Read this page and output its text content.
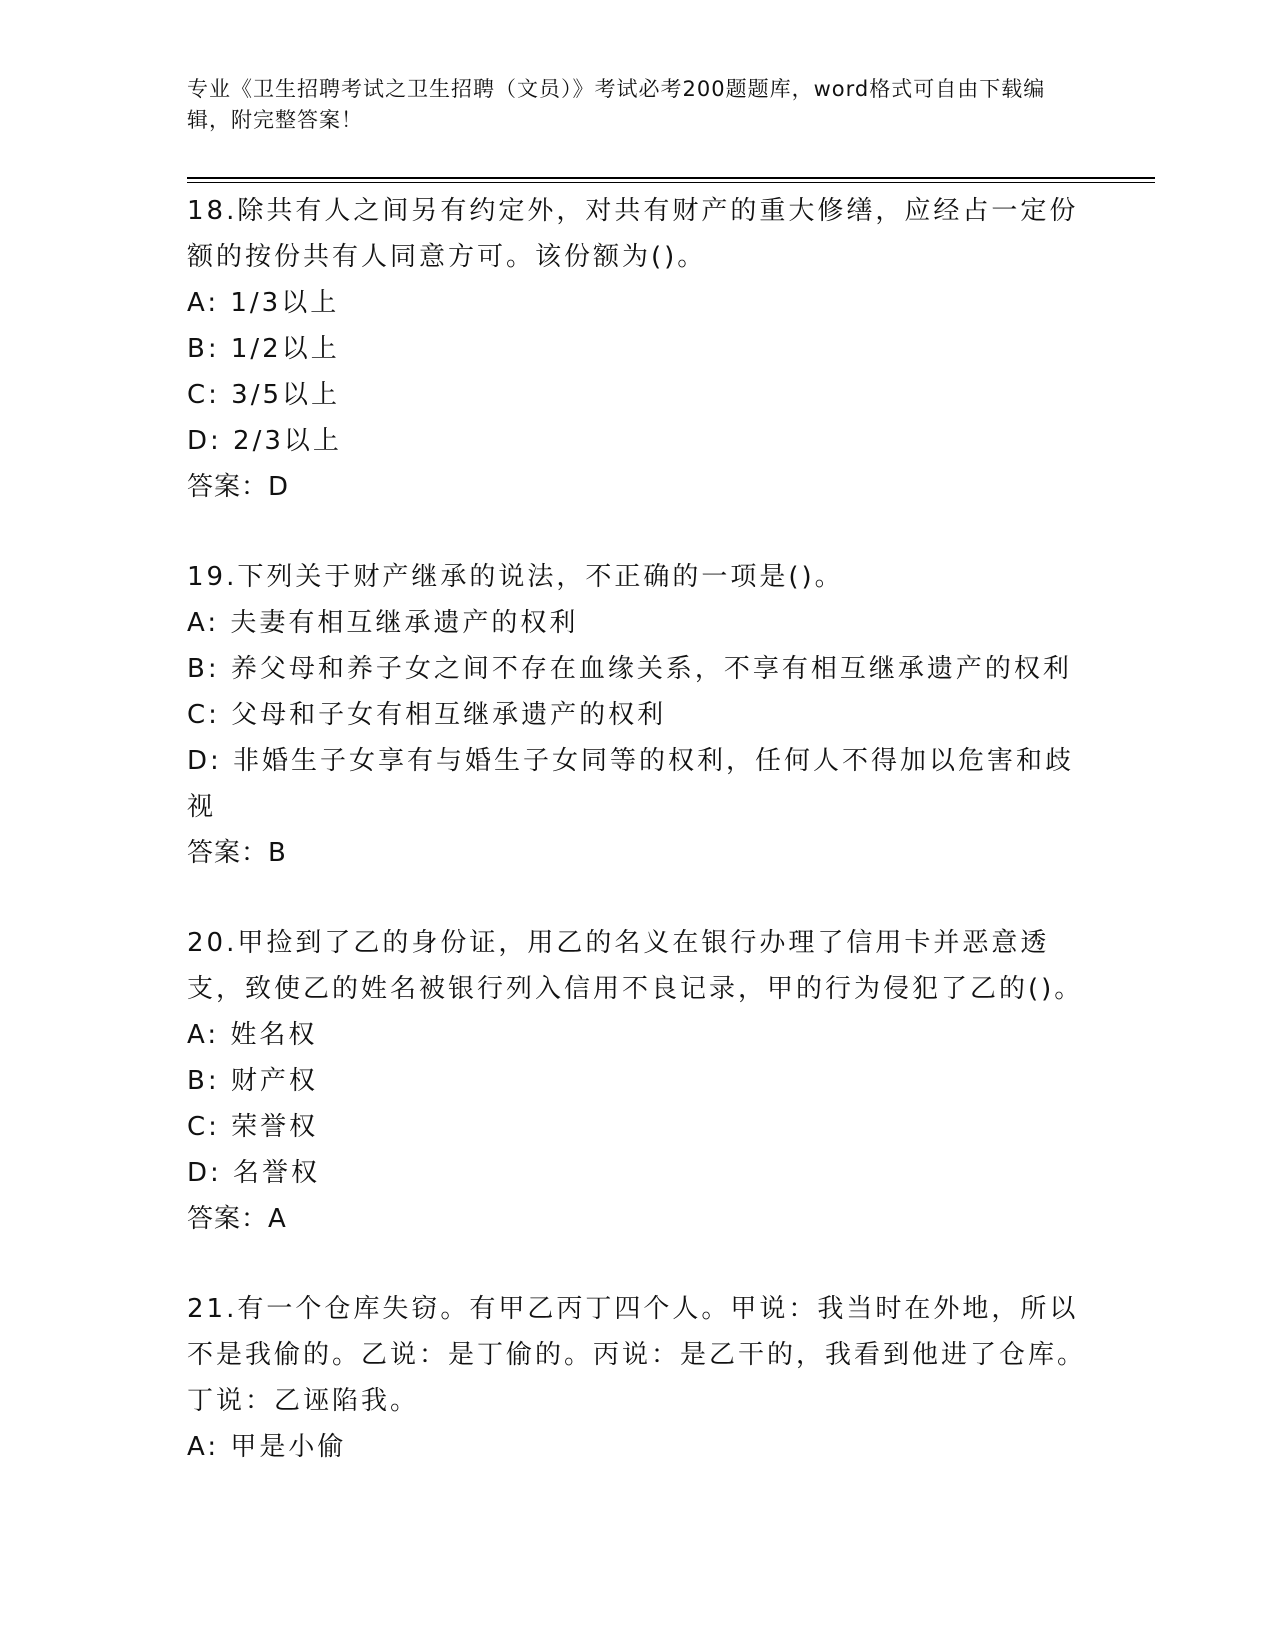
专业《卫生招聘考试之卫生招聘（文员）》考试必考200题题库，word格式可自由下载编辑，附完整答案！

18.除共有人之间另有约定外，对共有财产的重大修缮，应经占一定份额的按份共有人同意方可。该份额为()。

A: 1/3以上

B: 1/2以上

C: 3/5以上

D: 2/3以上

答案：D

19.下列关于财产继承的说法，不正确的一项是()。

A: 夫妻有相互继承遗产的权利

B: 养父母和养子女之间不存在血缘关系，不享有相互继承遗产的权利

C: 父母和子女有相互继承遗产的权利

D: 非婚生子女享有与婚生子女同等的权利，任何人不得加以危害和歧视

答案：B

20.甲捡到了乙的身份证，用乙的名义在银行办理了信用卡并恶意透支，致使乙的姓名被银行列入信用不良记录，甲的行为侵犯了乙的()。

A: 姓名权

B: 财产权

C: 荣誉权

D: 名誉权

答案：A

21.有一个仓库失窃。有甲乙丙丁四个人。甲说：我当时在外地，所以不是我偷的。乙说：是丁偷的。丙说：是乙干的，我看到他进了仓库。丁说：乙诬陷我。

A: 甲是小偷
